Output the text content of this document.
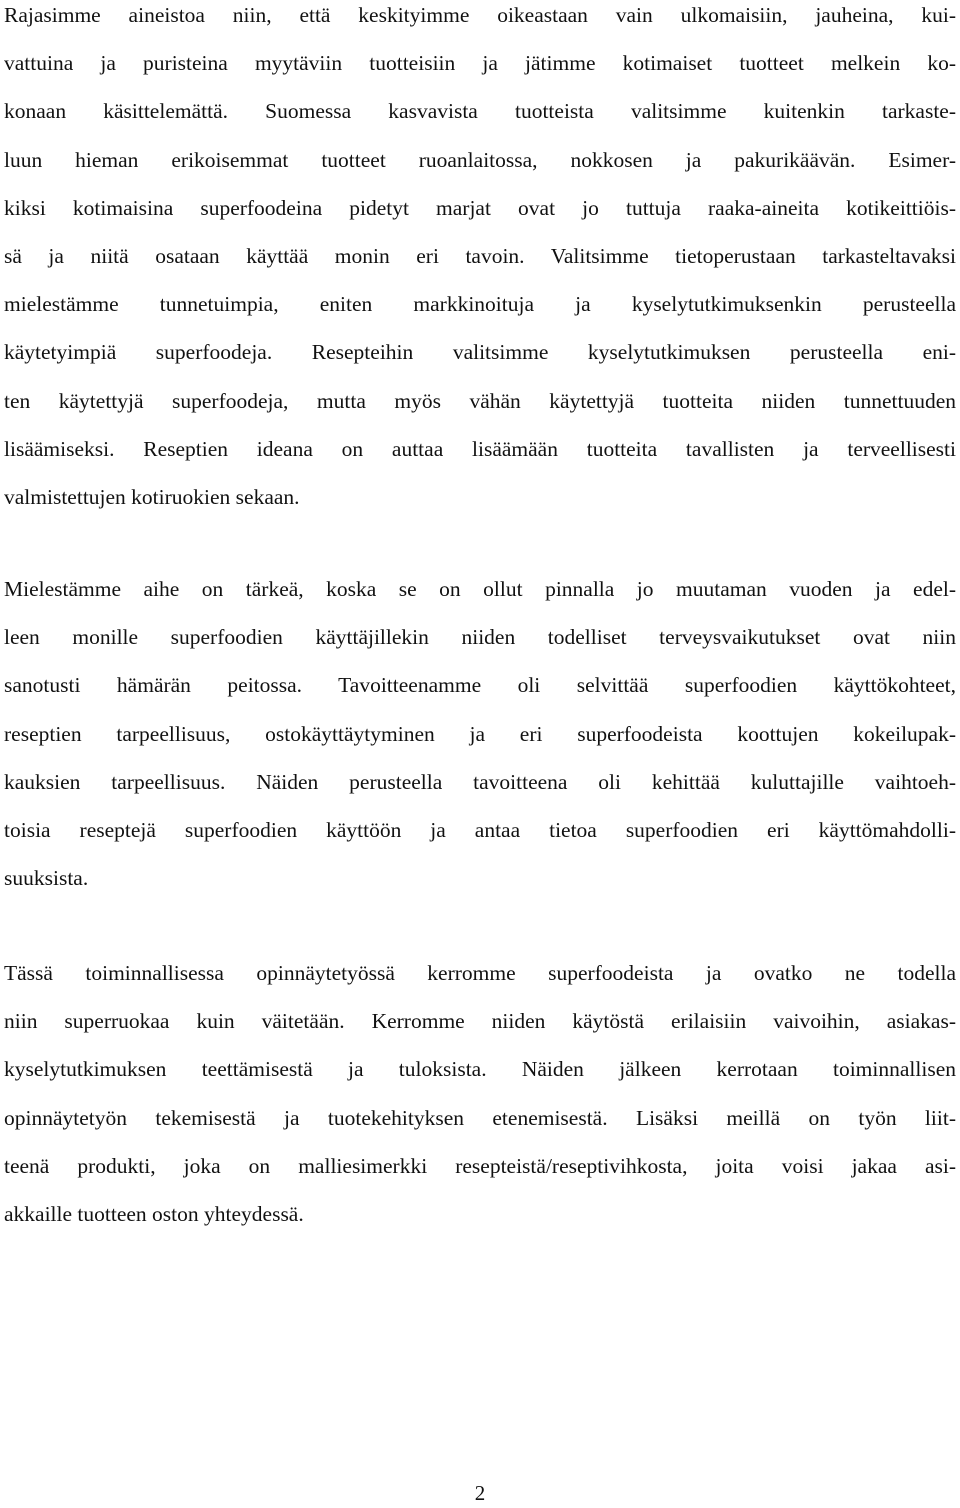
Rajasimme aineistoa niin, että keskityimme oikeastaan vain ulkomaisiin, jauheina, kui-
vattuina ja puristeina myytäviin tuotteisiin ja jätimme kotimaiset tuotteet melkein ko-
konaan käsittelemättä. Suomessa kasvavista tuotteista valitsimme kuitenkin tarkaste-
luun hieman erikoisemmat tuotteet ruoanlaitossa, nokkosen ja pakurikäävän. Esimer-
kiksi kotimaisina superfoodeina pidetyt marjat ovat jo tuttuja raaka-aineita kotikeittiöis-
sä ja niitä osataan käyttää monin eri tavoin. Valitsimme tietoperustaan tarkasteltavaksi
mielestämme tunnetuimpia, eniten markkinoituja ja kyselytutkimuksenkin perusteella
käytetyimpiä superfoodeja. Resepteihin valitsimme kyselytutkimuksen perusteella eni-
ten käytettyjä superfoodeja, mutta myös vähän käytettyjä tuotteita niiden tunnettuuden
lisäämiseksi. Reseptien ideana on auttaa lisäämään tuotteita tavallisten ja terveellisesti
valmistettujen kotiruokien sekaan.

Mielestämme aihe on tärkeä, koska se on ollut pinnalla jo muutaman vuoden ja edel-
leen monille superfoodien käyttäjillekin niiden todelliset terveysvaikutukset ovat niin
sanotusti hämärän peitossa. Tavoitteenamme oli selvittää superfoodien käyttökohteet,
reseptien tarpeellisuus, ostokäyttäytyminen ja eri superfoodeista koottujen kokeilupak-
kauksien tarpeellisuus. Näiden perusteella tavoitteena oli kehittää kuluttajille vaihtoeh-
toisia reseptejä superfoodien käyttöön ja antaa tietoa superfoodien eri käyttömahdolli-
suuksista.

Tässä toiminnallisessa opinnäytetyössä kerromme superfoodeista ja ovatko ne todella
niin superruokaa kuin väitetään. Kerromme niiden käytöstä erilaisiin vaivoihin, asiakas-
kyselytutkimuksen teettämisestä ja tuloksista. Näiden jälkeen kerrotaan toiminnallisen
opinnäytetyön tekemisestä ja tuotekehityksen etenemisestä. Lisäksi meillä on työn liit-
teenä produkti, joka on malliesimerkki resepteistä/reseptivihkosta, joita voisi jakaa asi-
akkaille tuotteen oston yhteydessä.

2
